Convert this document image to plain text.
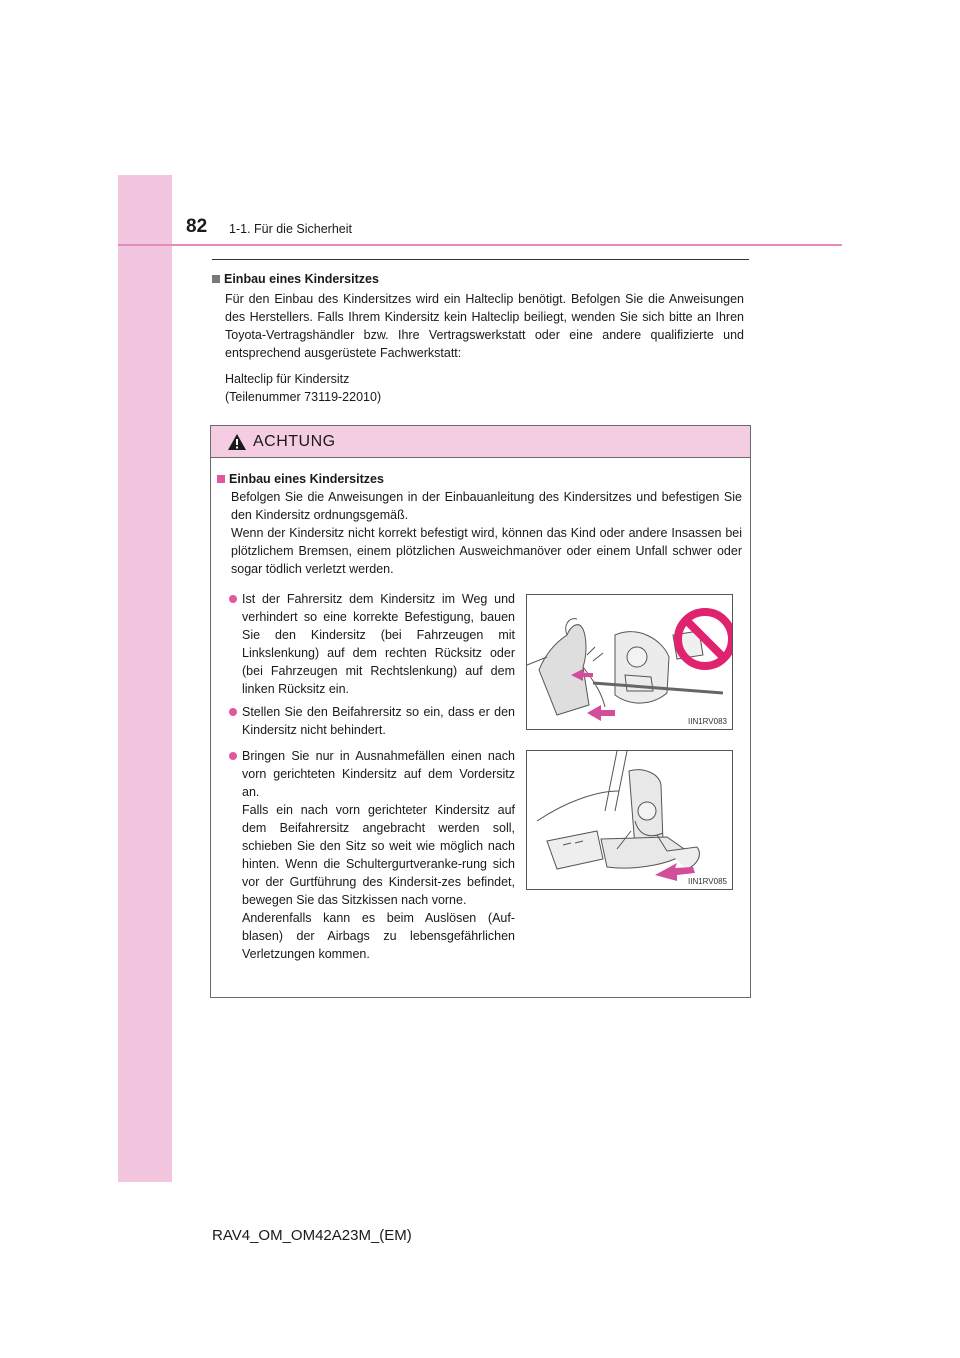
82 1-1. Für die Sicherheit
Einbau eines Kindersitzes

Für den Einbau des Kindersitzes wird ein Halteclip benötigt. Befolgen Sie die Anweisungen des Herstellers. Falls Ihrem Kindersitz kein Halteclip beiliegt, wenden Sie sich bitte an Ihren Toyota-Vertragshändler bzw. Ihre Vertragswerkstatt oder eine andere qualifizierte und entsprechend ausgerüstete Fachwerkstatt:

Halteclip für Kindersitz

(Teilenummer 73119-22010)

ACHTUNG
Einbau eines Kindersitzes

Befolgen Sie die Anweisungen in der Einbauanleitung des Kindersitzes und befestigen Sie den Kindersitz ordnungsgemäß.

Wenn der Kindersitz nicht korrekt befestigt wird, können das Kind oder andere Insassen bei plötzlichem Bremsen, einem plötzlichen Ausweichmanöver oder einem Unfall schwer oder sogar tödlich verletzt werden.

Ist der Fahrersitz dem Kindersitz im Weg und verhindert so eine korrekte Befestigung, bauen Sie den Kindersitz (bei Fahrzeugen mit Linkslenkung) auf dem rechten Rücksitz oder (bei Fahrzeugen mit Rechtslenkung) auf dem linken Rücksitz ein.
Stellen Sie den Beifahrersitz so ein, dass er den Kindersitz nicht behindert.
Bringen Sie nur in Ausnahmefällen einen nach vorn gerichteten Kindersitz auf dem Vordersitz an.
Falls ein nach vorn gerichteter Kindersitz auf dem Beifahrersitz angebracht werden soll, schieben Sie den Sitz so weit wie möglich nach hinten. Wenn die Schultergurtveranke-rung sich vor der Gurtführung des Kindersit-zes befindet, bewegen Sie das Sitzkissen nach vorne.
Anderenfalls kann es beim Auslösen (Auf-blasen) der Airbags zu lebensgefährlichen Verletzungen kommen.
IIN1RV083
IIN1RV085
RAV4_OM_OM42A23M_(EM)
